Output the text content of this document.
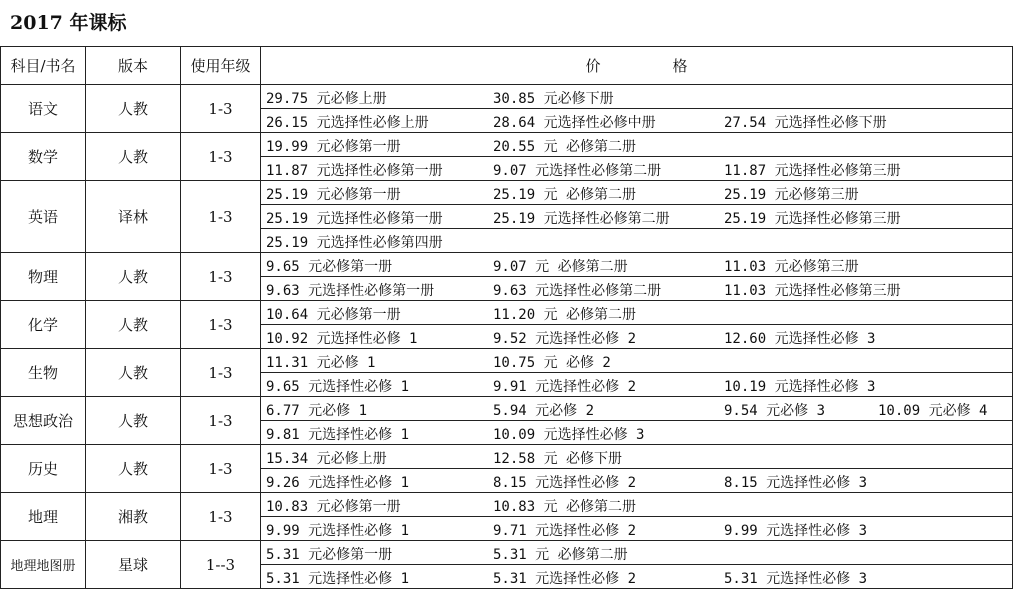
2017 年课标
科目/书名	版本	使用年级	价 格
语文	人教	1-3	29.75 元必修上册 30.85 元必修下册

			26.15 元选择性必修上册 28.64 元选择性必修中册 27.54 元选择性必修下册

数学	人教	1-3	19.99 元必修第一册 20.55 元 必修第二册

			11.87 元选择性必修第一册 9.07 元选择性必修第二册 11.87 元选择性必修第三册

英语	译林	1-3	25.19 元必修第一册 25.19 元 必修第二册 25.19 元必修第三册

			25.19 元选择性必修第一册 25.19 元选择性必修第二册 25.19 元选择性必修第三册

			25.19 元选择性必修第四册

物理	人教	1-3	9.65 元必修第一册 9.07 元 必修第二册 11.03 元必修第三册

			9.63 元选择性必修第一册 9.63 元选择性必修第二册 11.03 元选择性必修第三册

化学	人教	1-3	10.64 元必修第一册 11.20 元 必修第二册

			10.92 元选择性必修 1 9.52 元选择性必修 2 12.60 元选择性必修 3

生物	人教	1-3	11.31 元必修 1 10.75 元 必修 2

			9.65 元选择性必修 1 9.91 元选择性必修 2 10.19 元选择性必修 3

思想政治	人教	1-3	6.77 元必修 1 5.94 元必修 2 9.54 元必修 3 10.09 元必修 4

			9.81 元选择性必修 1 10.09 元选择性必修 3

历史	人教	1-3	15.34 元必修上册 12.58 元 必修下册

			9.26 元选择性必修 1 8.15 元选择性必修 2 8.15 元选择性必修 3

地理	湘教	1-3	10.83 元必修第一册 10.83 元 必修第二册

			9.99 元选择性必修 1 9.71 元选择性必修 2 9.99 元选择性必修 3

地理地图册	星球	1--3	5.31 元必修第一册 5.31 元 必修第二册

			5.31 元选择性必修 1 5.31 元选择性必修 2 5.31 元选择性必修 3
